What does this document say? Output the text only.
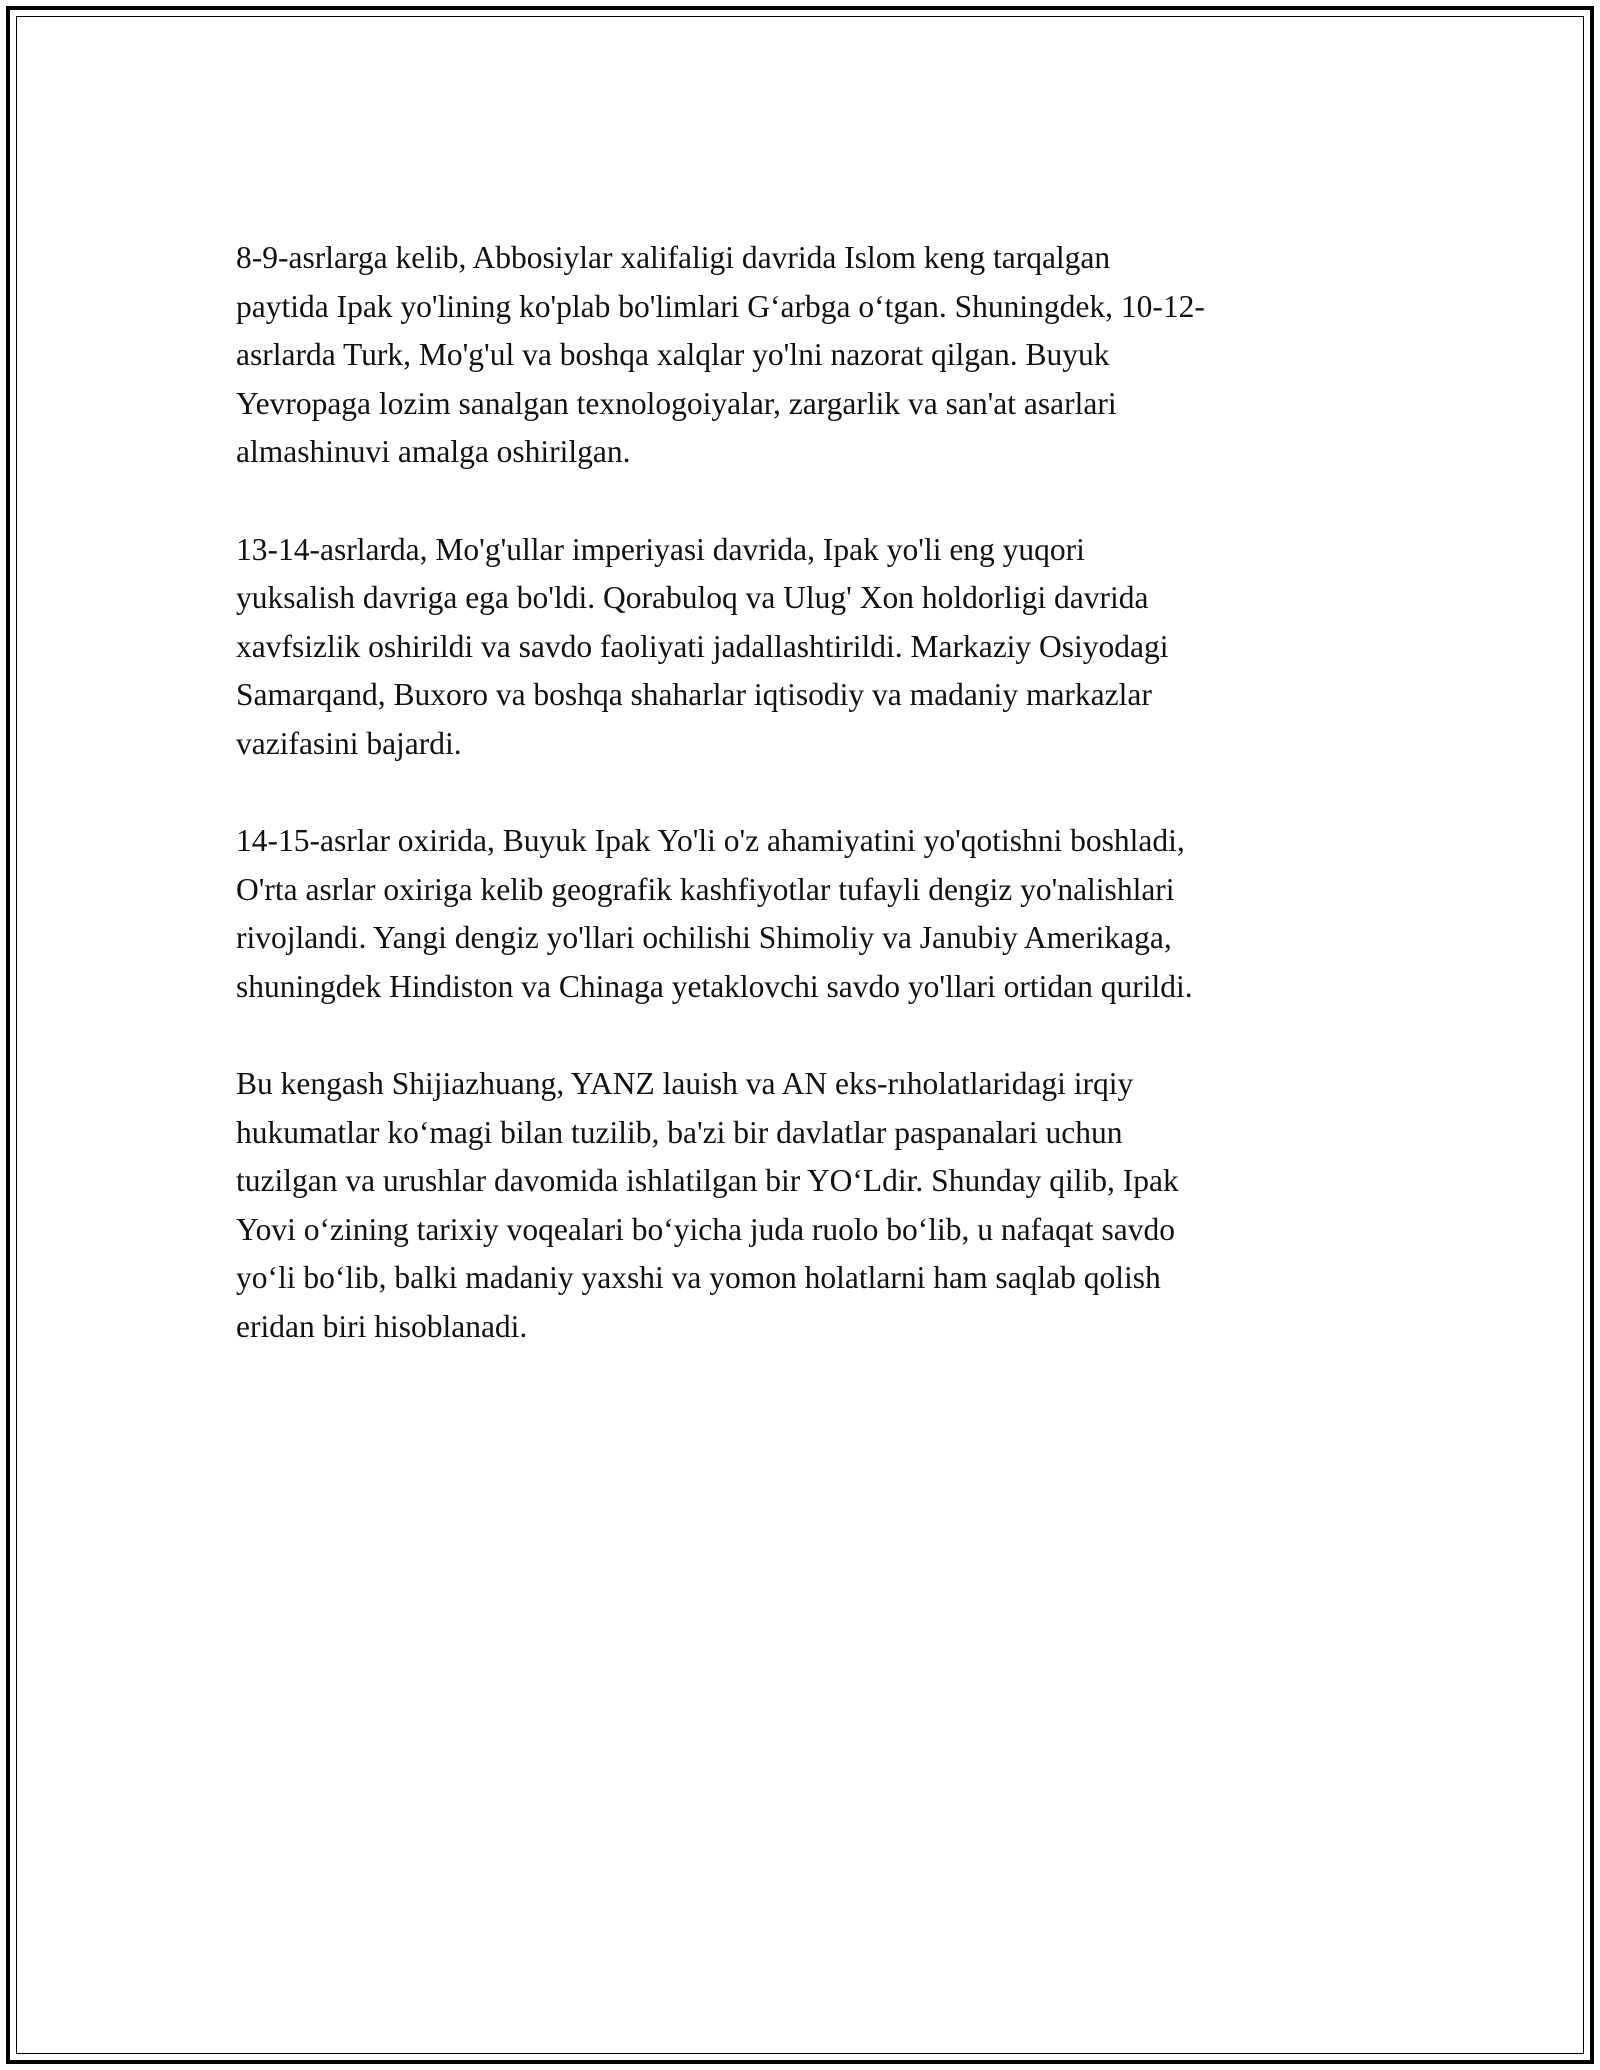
8-9-asrlarga kelib, Abbosiylar xalifaligi davrida Islom keng tarqalgan
paytida Ipak yo'lining ko'plab bo'limlari G‘arbga o‘tgan. Shuningdek, 10-12-
asrlarda Turk, Mo'g'ul va boshqa xalqlar yo'lni nazorat qilgan. Buyuk
Yevropaga lozim sanalgan texnologoiyalar, zargarlik va san'at asarlari
almashinuvi amalga oshirilgan.

13-14-asrlarda, Mo'g'ullar imperiyasi davrida, Ipak yo'li eng yuqori
yuksalish davriga ega bo'ldi. Qorabuloq va Ulug' Xon holdorligi davrida
xavfsizlik oshirildi va savdo faoliyati jadallashtirildi. Markaziy Osiyodagi
Samarqand, Buxoro va boshqa shaharlar iqtisodiy va madaniy markazlar
vazifasini bajardi.

14-15-asrlar oxirida, Buyuk Ipak Yo'li o'z ahamiyatini yo'qotishni boshladi,
O'rta asrlar oxiriga kelib geografik kashfiyotlar tufayli dengiz yo'nalishlari
rivojlandi. Yangi dengiz yo'llari ochilishi Shimoliy va Janubiy Amerikaga,
shuningdek Hindiston va Chinaga yetaklovchi savdo yo'llari ortidan qurildi.

Bu kengash Shijiazhuang, YANZ lauish va AN eks-rıholatlaridagi irqiy
hukumatlar ko‘magi bilan tuzilib, ba'zi bir davlatlar paspanalari uchun
tuzilgan va urushlar davomida ishlatilgan bir YO‘Ldir. Shunday qilib, Ipak
Yovi o‘zining tarixiy voqealari bo‘yicha juda ruolo bo‘lib, u nafaqat savdo
yo‘li bo‘lib, balki madaniy yaxshi va yomon holatlarni ham saqlab qolish
eridan biri hisoblanadi.
